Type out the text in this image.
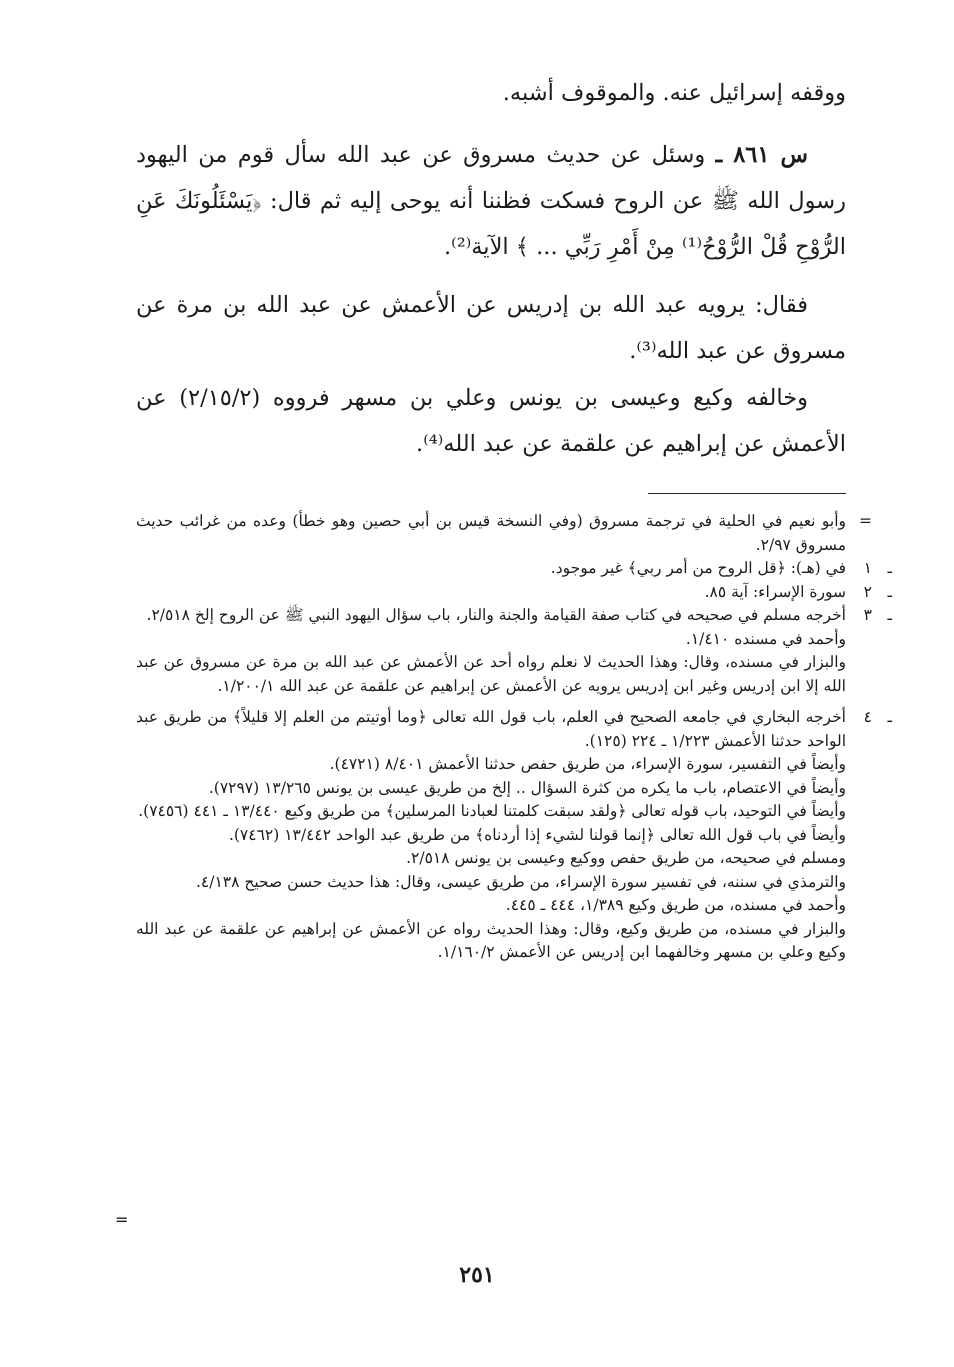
ووقفه إسرائيل عنه. والموقوف أشبه.

س ٨٦١ ـ وسئل عن حديث مسروق عن عبد الله سأل قوم من اليهود رسول الله ﷺ عن الروح فسكت فظننا أنه يوحى إليه ثم قال: ﴿يَسْئَلُونَكَ عَنِ الرُّوْحِ قُلْ الرُّوْحُ⁽¹⁾ مِنْ أَمْرِ رَبِّي ... ﴾ الآية⁽²⁾.

فقال: يرويه عبد الله بن إدريس عن الأعمش عن عبد الله بن مرة عن مسروق عن عبد الله⁽³⁾.

وخالفه وكيع وعيسى بن يونس وعلي بن مسهر فرووه (٢/١٥/٢) عن الأعمش عن إبراهيم عن علقمة عن عبد الله⁽⁴⁾.

=
وأبو نعيم في الحلية في ترجمة مسروق (وفي النسخة قيس بن أبي حصين وهو خطأ) وعده من غرائب حديث مسروق ٢/٩٧.
١ ـ
في (هـ): ﴿قل الروح من أمر ربي﴾ غير موجود.
٢ ـ
سورة الإسراء: آية ٨٥.
٣ ـ
أخرجه مسلم في صحيحه في كتاب صفة القيامة والجنة والنار، باب سؤال اليهود النبي ﷺ عن الروح إلخ ٢/٥١٨.
وأحمد في مسنده ١/٤١٠.
والبزار في مسنده، وقال: وهذا الحديث لا نعلم رواه أحد عن الأعمش عن عبد الله بن مرة عن مسروق عن عبد الله إلا ابن إدريس وغير ابن إدريس يرويه عن الأعمش عن إبراهيم عن علقمة عن عبد الله ١/٢٠٠/١.
٤ ـ
أخرجه البخاري في جامعه الصحيح في العلم، باب قول الله تعالى ﴿وما أوتيتم من العلم إلا قليلاً﴾ من طريق عبد الواحد حدثنا الأعمش ١/٢٢٣ ـ ٢٢٤ (١٢٥).
وأيضاً في التفسير، سورة الإسراء، من طريق حفص حدثنا الأعمش ٨/٤٠١ (٤٧٢١).
وأيضاً في الاعتصام، باب ما يكره من كثرة السؤال .. إلخ من طريق عيسى بن يونس ١٣/٢٦٥ (٧٢٩٧).
وأيضاً في التوحيد، باب قوله تعالى ﴿ولقد سبقت كلمتنا لعبادنا المرسلين﴾ من طريق وكيع ١٣/٤٤٠ ـ ٤٤١ (٧٤٥٦).
وأيضاً في باب قول الله تعالى ﴿إنما قولنا لشيء إذا أردناه﴾ من طريق عبد الواحد ١٣/٤٤٢ (٧٤٦٢).
ومسلم في صحيحه، من طريق حفص ووكيع وعيسى بن يونس ٢/٥١٨.
والترمذي في سننه، في تفسير سورة الإسراء، من طريق عيسى، وقال: هذا حديث حسن صحيح ٤/١٣٨.
وأحمد في مسنده، من طريق وكيع ١/٣٨٩، ٤٤٤ ـ ٤٤٥.
والبزار في مسنده، من طريق وكيع، وقال: وهذا الحديث رواه عن الأعمش عن إبراهيم عن علقمة عن عبد الله وكيع وعلي بن مسهر وخالفهما ابن إدريس عن الأعمش ١/١٦٠/٢.
=
٢٥١
